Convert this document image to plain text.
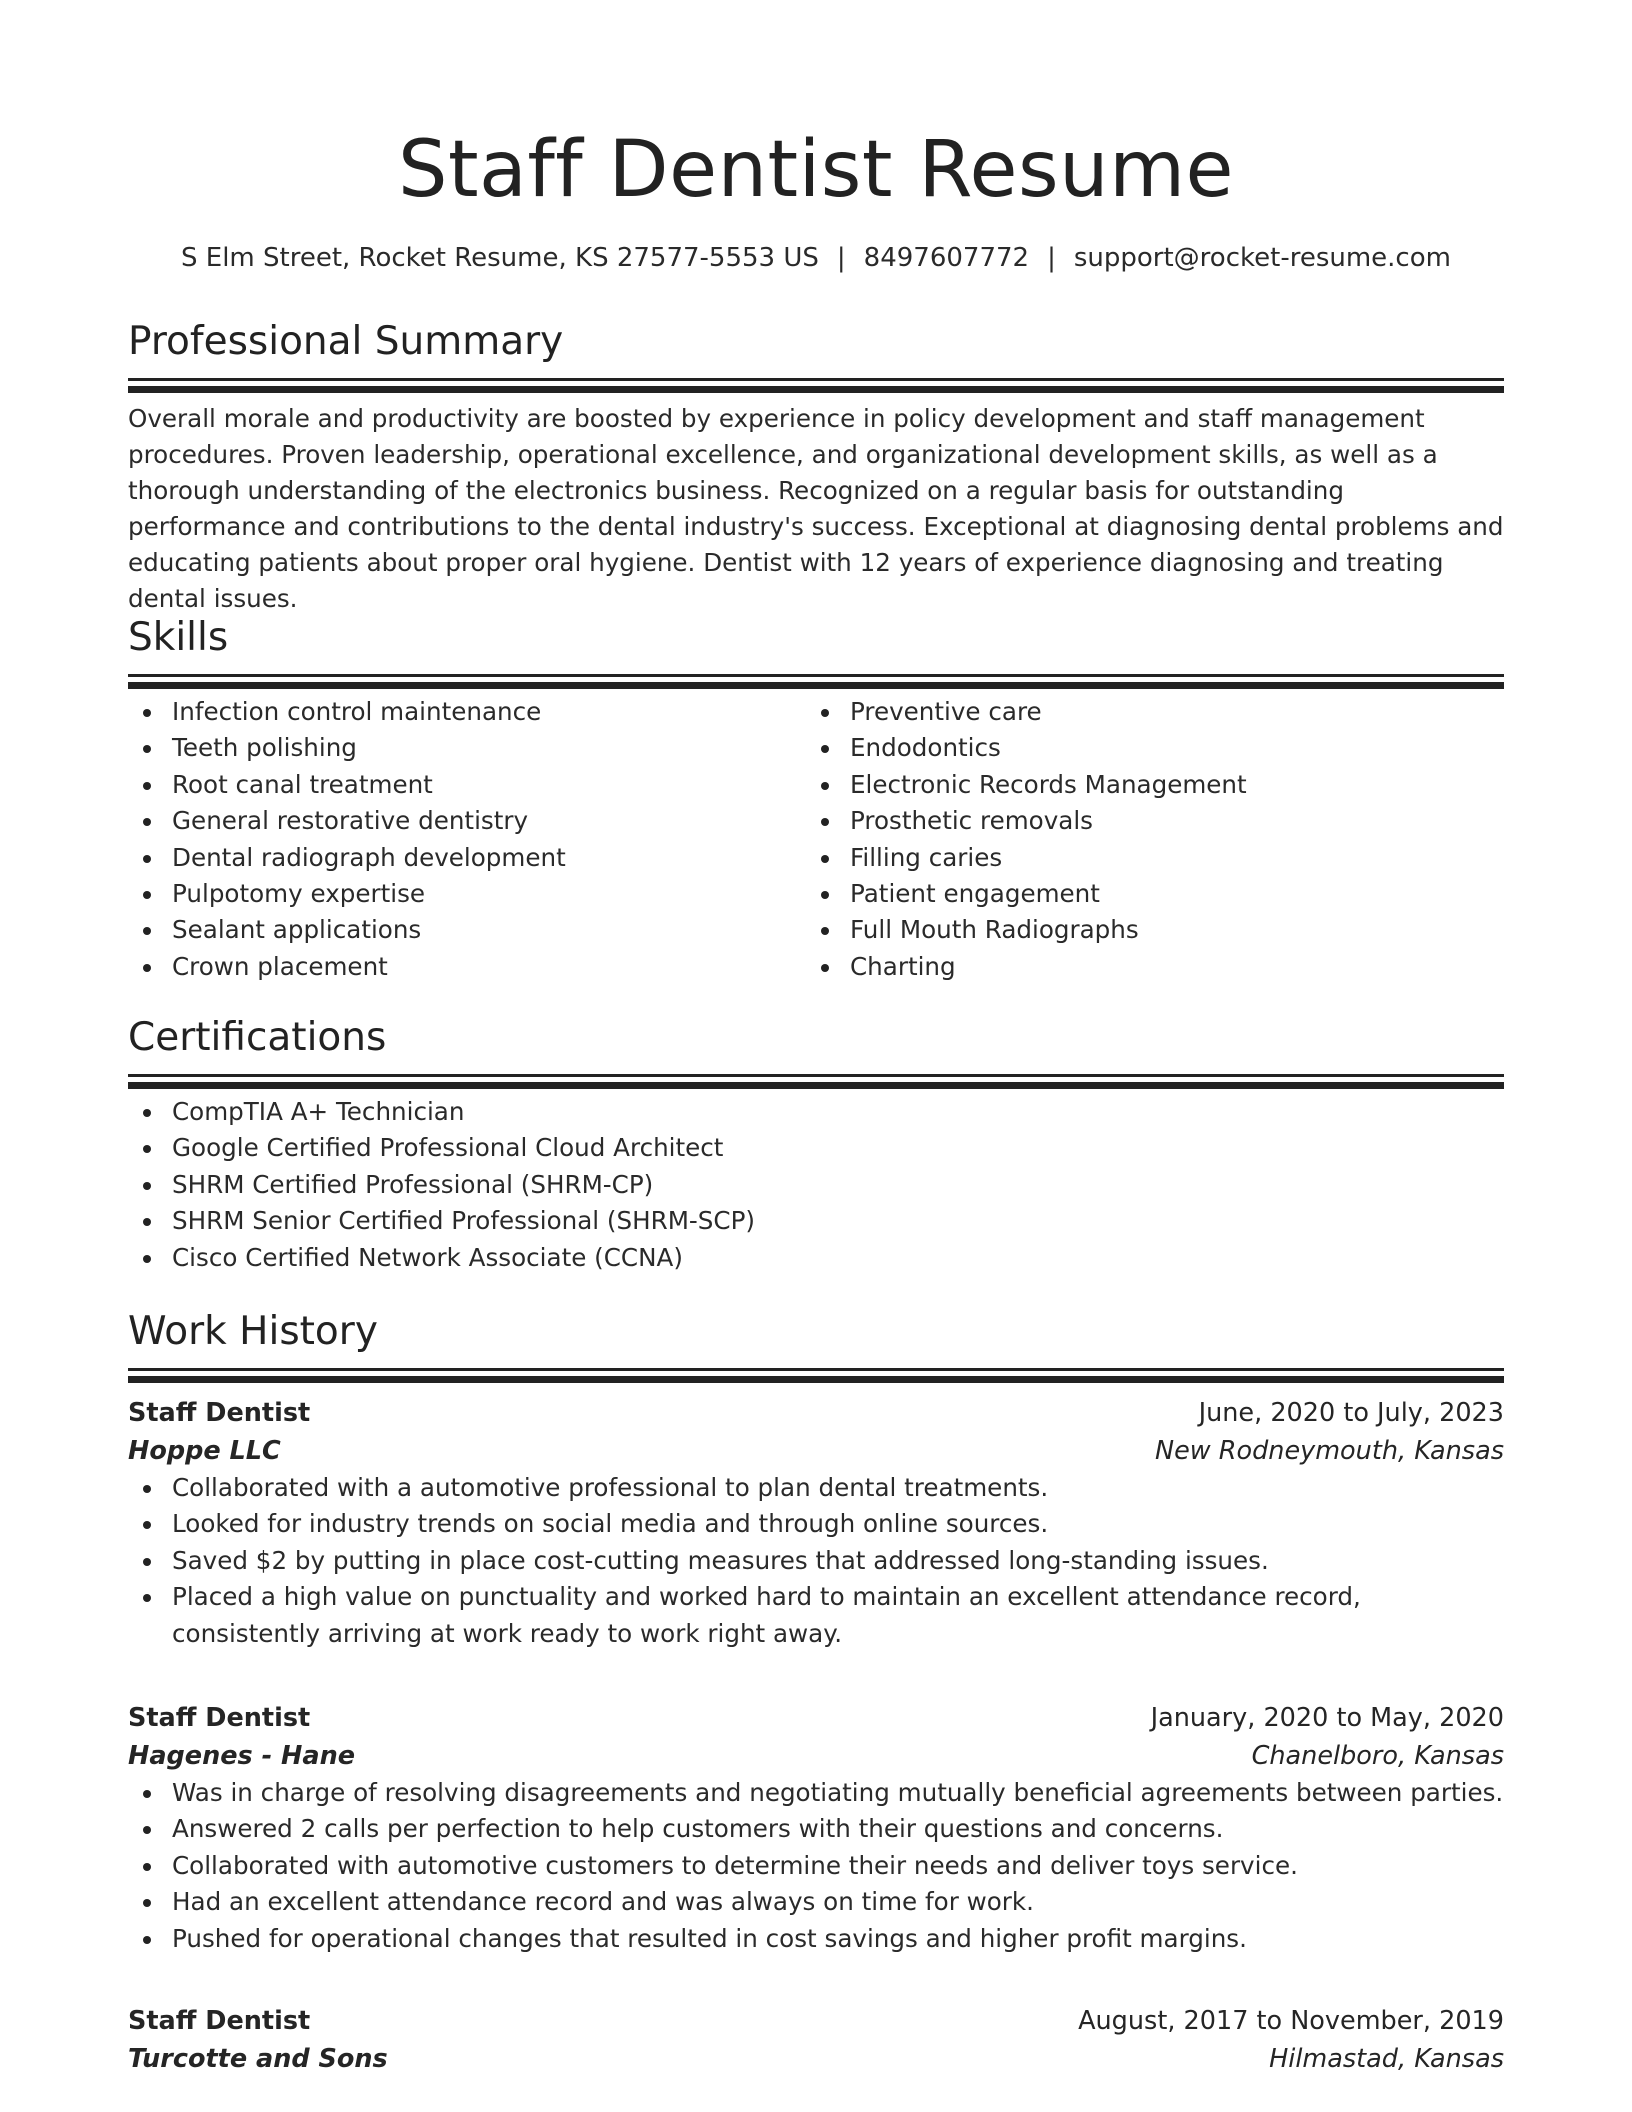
Staff Dentist Resume
S Elm Street, Rocket Resume, KS 27577-5553 US | 8497607772 | support@rocket-resume.com
Professional Summary
Overall morale and productivity are boosted by experience in policy development and staff management procedures. Proven leadership, operational excellence, and organizational development skills, as well as a thorough understanding of the electronics business. Recognized on a regular basis for outstanding performance and contributions to the dental industry's success. Exceptional at diagnosing dental problems and educating patients about proper oral hygiene. Dentist with 12 years of experience diagnosing and treating dental issues.
Skills
Infection control maintenance
Teeth polishing
Root canal treatment
General restorative dentistry
Dental radiograph development
Pulpotomy expertise
Sealant applications
Crown placement
Preventive care
Endodontics
Electronic Records Management
Prosthetic removals
Filling caries
Patient engagement
Full Mouth Radiographs
Charting
Certifications
CompTIA A+ Technician
Google Certified Professional Cloud Architect
SHRM Certified Professional (SHRM-CP)
SHRM Senior Certified Professional (SHRM-SCP)
Cisco Certified Network Associate (CCNA)
Work History
Staff Dentist	June, 2020 to July, 2023
Hoppe LLC	New Rodneymouth, Kansas
Collaborated with a automotive professional to plan dental treatments.
Looked for industry trends on social media and through online sources.
Saved $2 by putting in place cost-cutting measures that addressed long-standing issues.
Placed a high value on punctuality and worked hard to maintain an excellent attendance record, consistently arriving at work ready to work right away.
Staff Dentist	January, 2020 to May, 2020
Hagenes - Hane	Chanelboro, Kansas
Was in charge of resolving disagreements and negotiating mutually beneficial agreements between parties.
Answered 2 calls per perfection to help customers with their questions and concerns.
Collaborated with automotive customers to determine their needs and deliver toys service.
Had an excellent attendance record and was always on time for work.
Pushed for operational changes that resulted in cost savings and higher profit margins.
Staff Dentist	August, 2017 to November, 2019
Turcotte and Sons	Hilmastad, Kansas
